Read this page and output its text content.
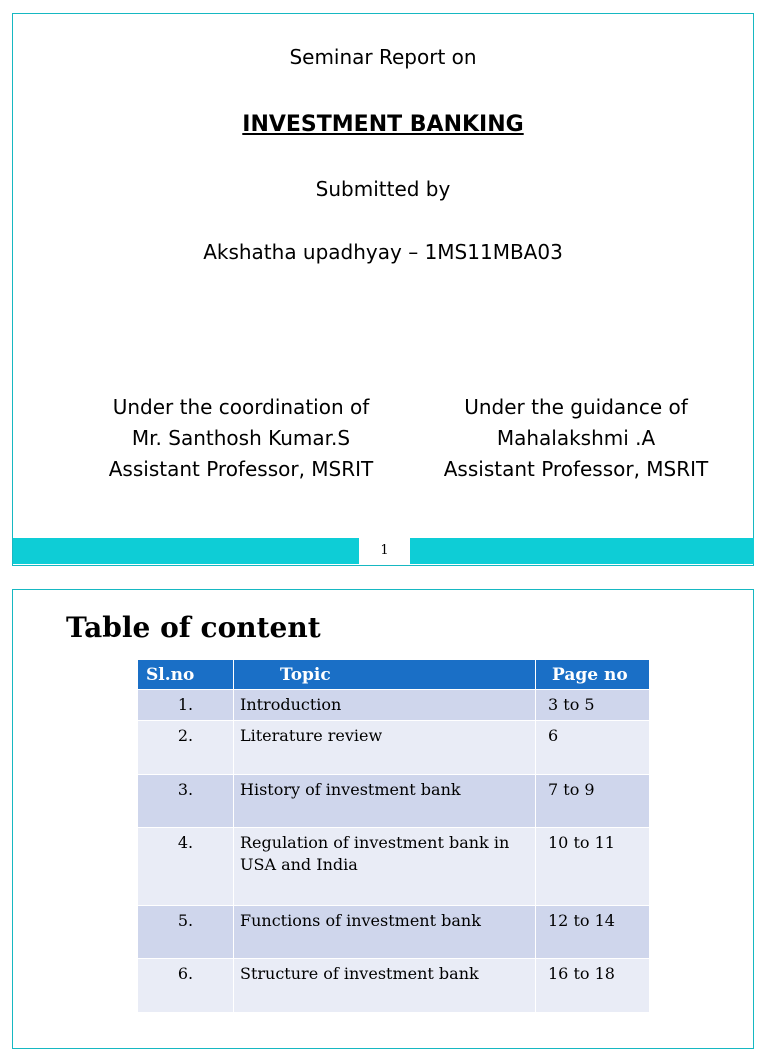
Seminar Report on
INVESTMENT BANKING
Submitted by
Akshatha upadhyay – 1MS11MBA03
Under the coordination of
Mr. Santhosh Kumar.S
Assistant Professor, MSRIT
Under the guidance of
Mahalakshmi .A
Assistant Professor, MSRIT
1
Table of content
Sl.no	Topic	Page no
1.	Introduction	3 to 5
2.	Literature review	6
3.	History of investment bank	7 to 9
4.	Regulation of investment bank in USA and India	10 to 11
5.	Functions of investment bank	12 to 14
6.	Structure of investment bank	16 to 18
